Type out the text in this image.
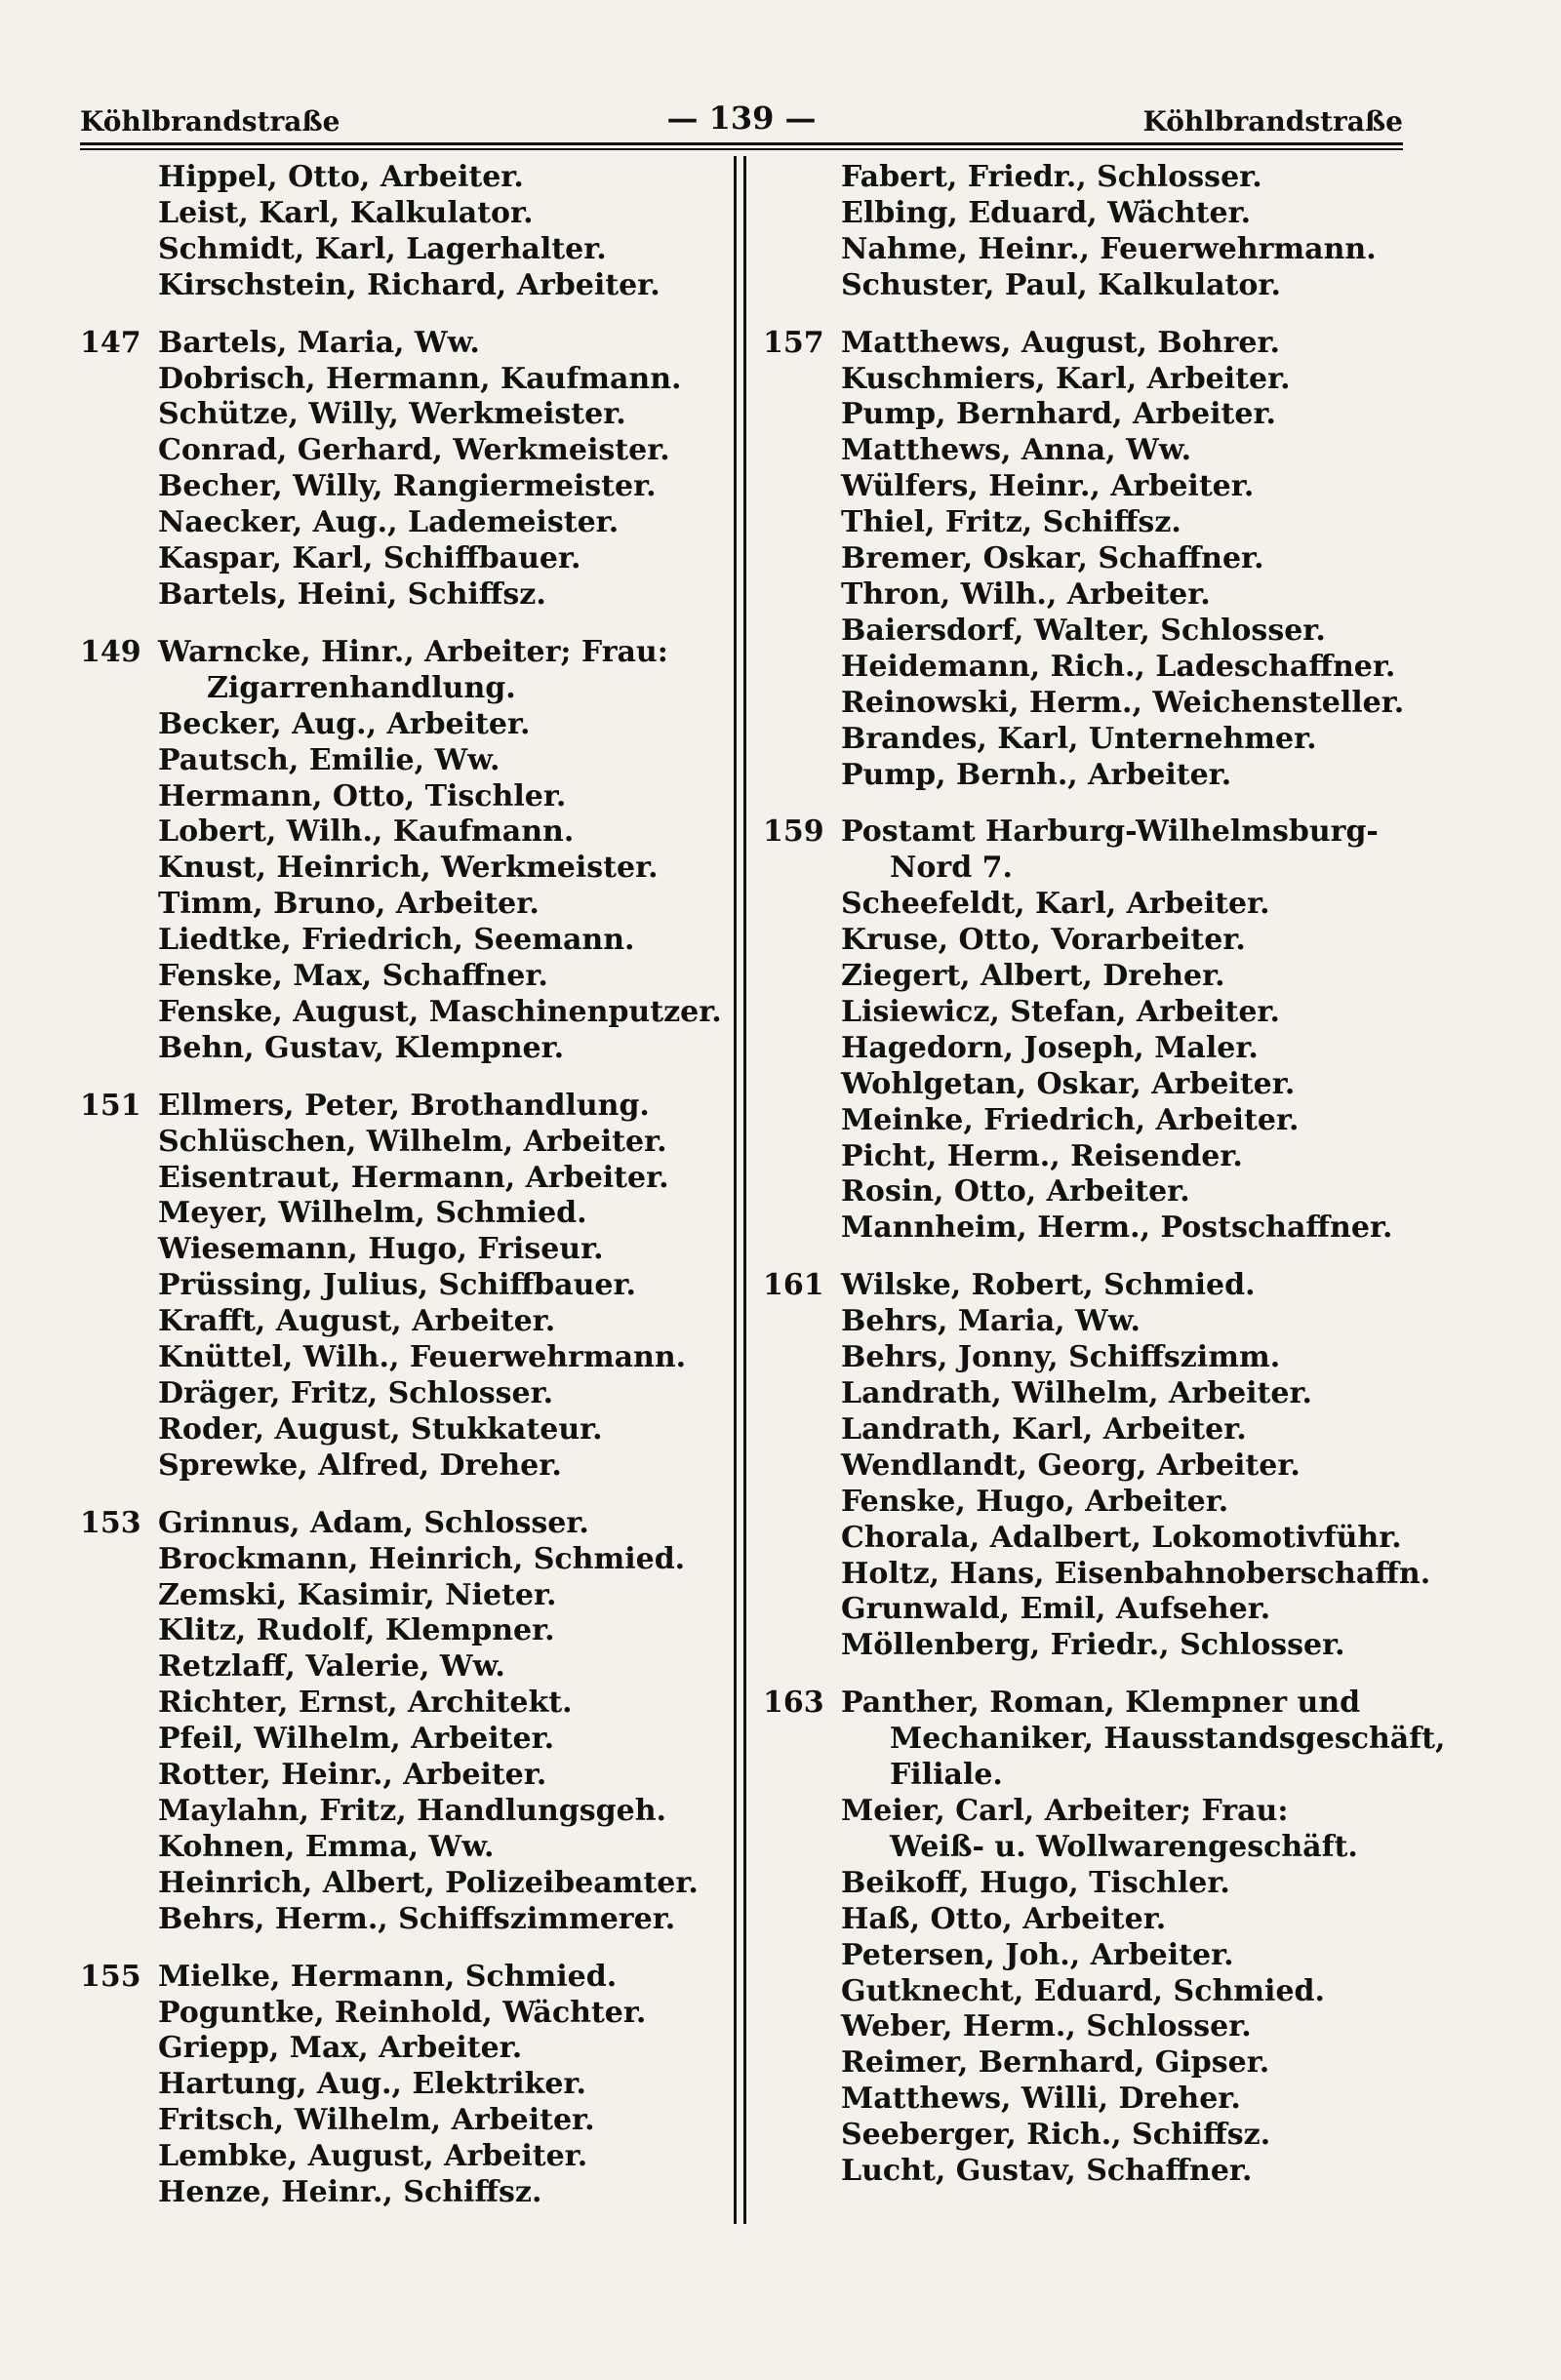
Köhlbrandstraße	— 139 —	Köhlbrandstraße
Hippel, Otto, Arbeiter.
Leist, Karl, Kalkulator.
Schmidt, Karl, Lagerhalter.
Kirschstein, Richard, Arbeiter.
147 Bartels, Maria, Ww.
Dobrisch, Hermann, Kaufmann.
Schütze, Willy, Werkmeister.
Conrad, Gerhard, Werkmeister.
Becher, Willy, Rangiermeister.
Naecker, Aug., Lademeister.
Kaspar, Karl, Schiffbauer.
Bartels, Heini, Schiffsz.
149 Warncke, Hinr., Arbeiter; Frau:
Zigarrenhandlung.
Becker, Aug., Arbeiter.
Pautsch, Emilie, Ww.
Hermann, Otto, Tischler.
Lobert, Wilh., Kaufmann.
Knust, Heinrich, Werkmeister.
Timm, Bruno, Arbeiter.
Liedtke, Friedrich, Seemann.
Fenske, Max, Schaffner.
Fenske, August, Maschinenputzer.
Behn, Gustav, Klempner.
151 Ellmers, Peter, Brothandlung.
Schlüschen, Wilhelm, Arbeiter.
Eisentraut, Hermann, Arbeiter.
Meyer, Wilhelm, Schmied.
Wiesemann, Hugo, Friseur.
Prüssing, Julius, Schiffbauer.
Krafft, August, Arbeiter.
Knüttel, Wilh., Feuerwehrmann.
Dräger, Fritz, Schlosser.
Roder, August, Stukkateur.
Sprewke, Alfred, Dreher.
153 Grinnus, Adam, Schlosser.
Brockmann, Heinrich, Schmied.
Zemski, Kasimir, Nieter.
Klitz, Rudolf, Klempner.
Retzlaff, Valerie, Ww.
Richter, Ernst, Architekt.
Pfeil, Wilhelm, Arbeiter.
Rotter, Heinr., Arbeiter.
Maylahn, Fritz, Handlungsgeh.
Kohnen, Emma, Ww.
Heinrich, Albert, Polizeibeamter.
Behrs, Herm., Schiffszimmerer.
155 Mielke, Hermann, Schmied.
Poguntke, Reinhold, Wächter.
Griepp, Max, Arbeiter.
Hartung, Aug., Elektriker.
Fritsch, Wilhelm, Arbeiter.
Lembke, August, Arbeiter.
Henze, Heinr., Schiffsz.
Fabert, Friedr., Schlosser.
Elbing, Eduard, Wächter.
Nahme, Heinr., Feuerwehrmann.
Schuster, Paul, Kalkulator.
157 Matthews, August, Bohrer.
Kuschmiers, Karl, Arbeiter.
Pump, Bernhard, Arbeiter.
Matthews, Anna, Ww.
Wülfers, Heinr., Arbeiter.
Thiel, Fritz, Schiffsz.
Bremer, Oskar, Schaffner.
Thron, Wilh., Arbeiter.
Baiersdorf, Walter, Schlosser.
Heidemann, Rich., Ladeschaffner.
Reinowski, Herm., Weichensteller.
Brandes, Karl, Unternehmer.
Pump, Bernh., Arbeiter.
159 Postamt Harburg-Wilhelmsburg-
Nord 7.
Scheefeldt, Karl, Arbeiter.
Kruse, Otto, Vorarbeiter.
Ziegert, Albert, Dreher.
Lisiewicz, Stefan, Arbeiter.
Hagedorn, Joseph, Maler.
Wohlgetan, Oskar, Arbeiter.
Meinke, Friedrich, Arbeiter.
Picht, Herm., Reisender.
Rosin, Otto, Arbeiter.
Mannheim, Herm., Postschaffner.
161 Wilske, Robert, Schmied.
Behrs, Maria, Ww.
Behrs, Jonny, Schiffszimm.
Landrath, Wilhelm, Arbeiter.
Landrath, Karl, Arbeiter.
Wendlandt, Georg, Arbeiter.
Fenske, Hugo, Arbeiter.
Chorala, Adalbert, Lokomotivführ.
Holtz, Hans, Eisenbahnoberschaffn.
Grunwald, Emil, Aufseher.
Möllenberg, Friedr., Schlosser.
163 Panther, Roman, Klempner und
Mechaniker, Hausstandsgeschäft,
Filiale.
Meier, Carl, Arbeiter; Frau:
Weiß- u. Wollwarengeschäft.
Beikoff, Hugo, Tischler.
Haß, Otto, Arbeiter.
Petersen, Joh., Arbeiter.
Gutknecht, Eduard, Schmied.
Weber, Herm., Schlosser.
Reimer, Bernhard, Gipser.
Matthews, Willi, Dreher.
Seeberger, Rich., Schiffsz.
Lucht, Gustav, Schaffner.
